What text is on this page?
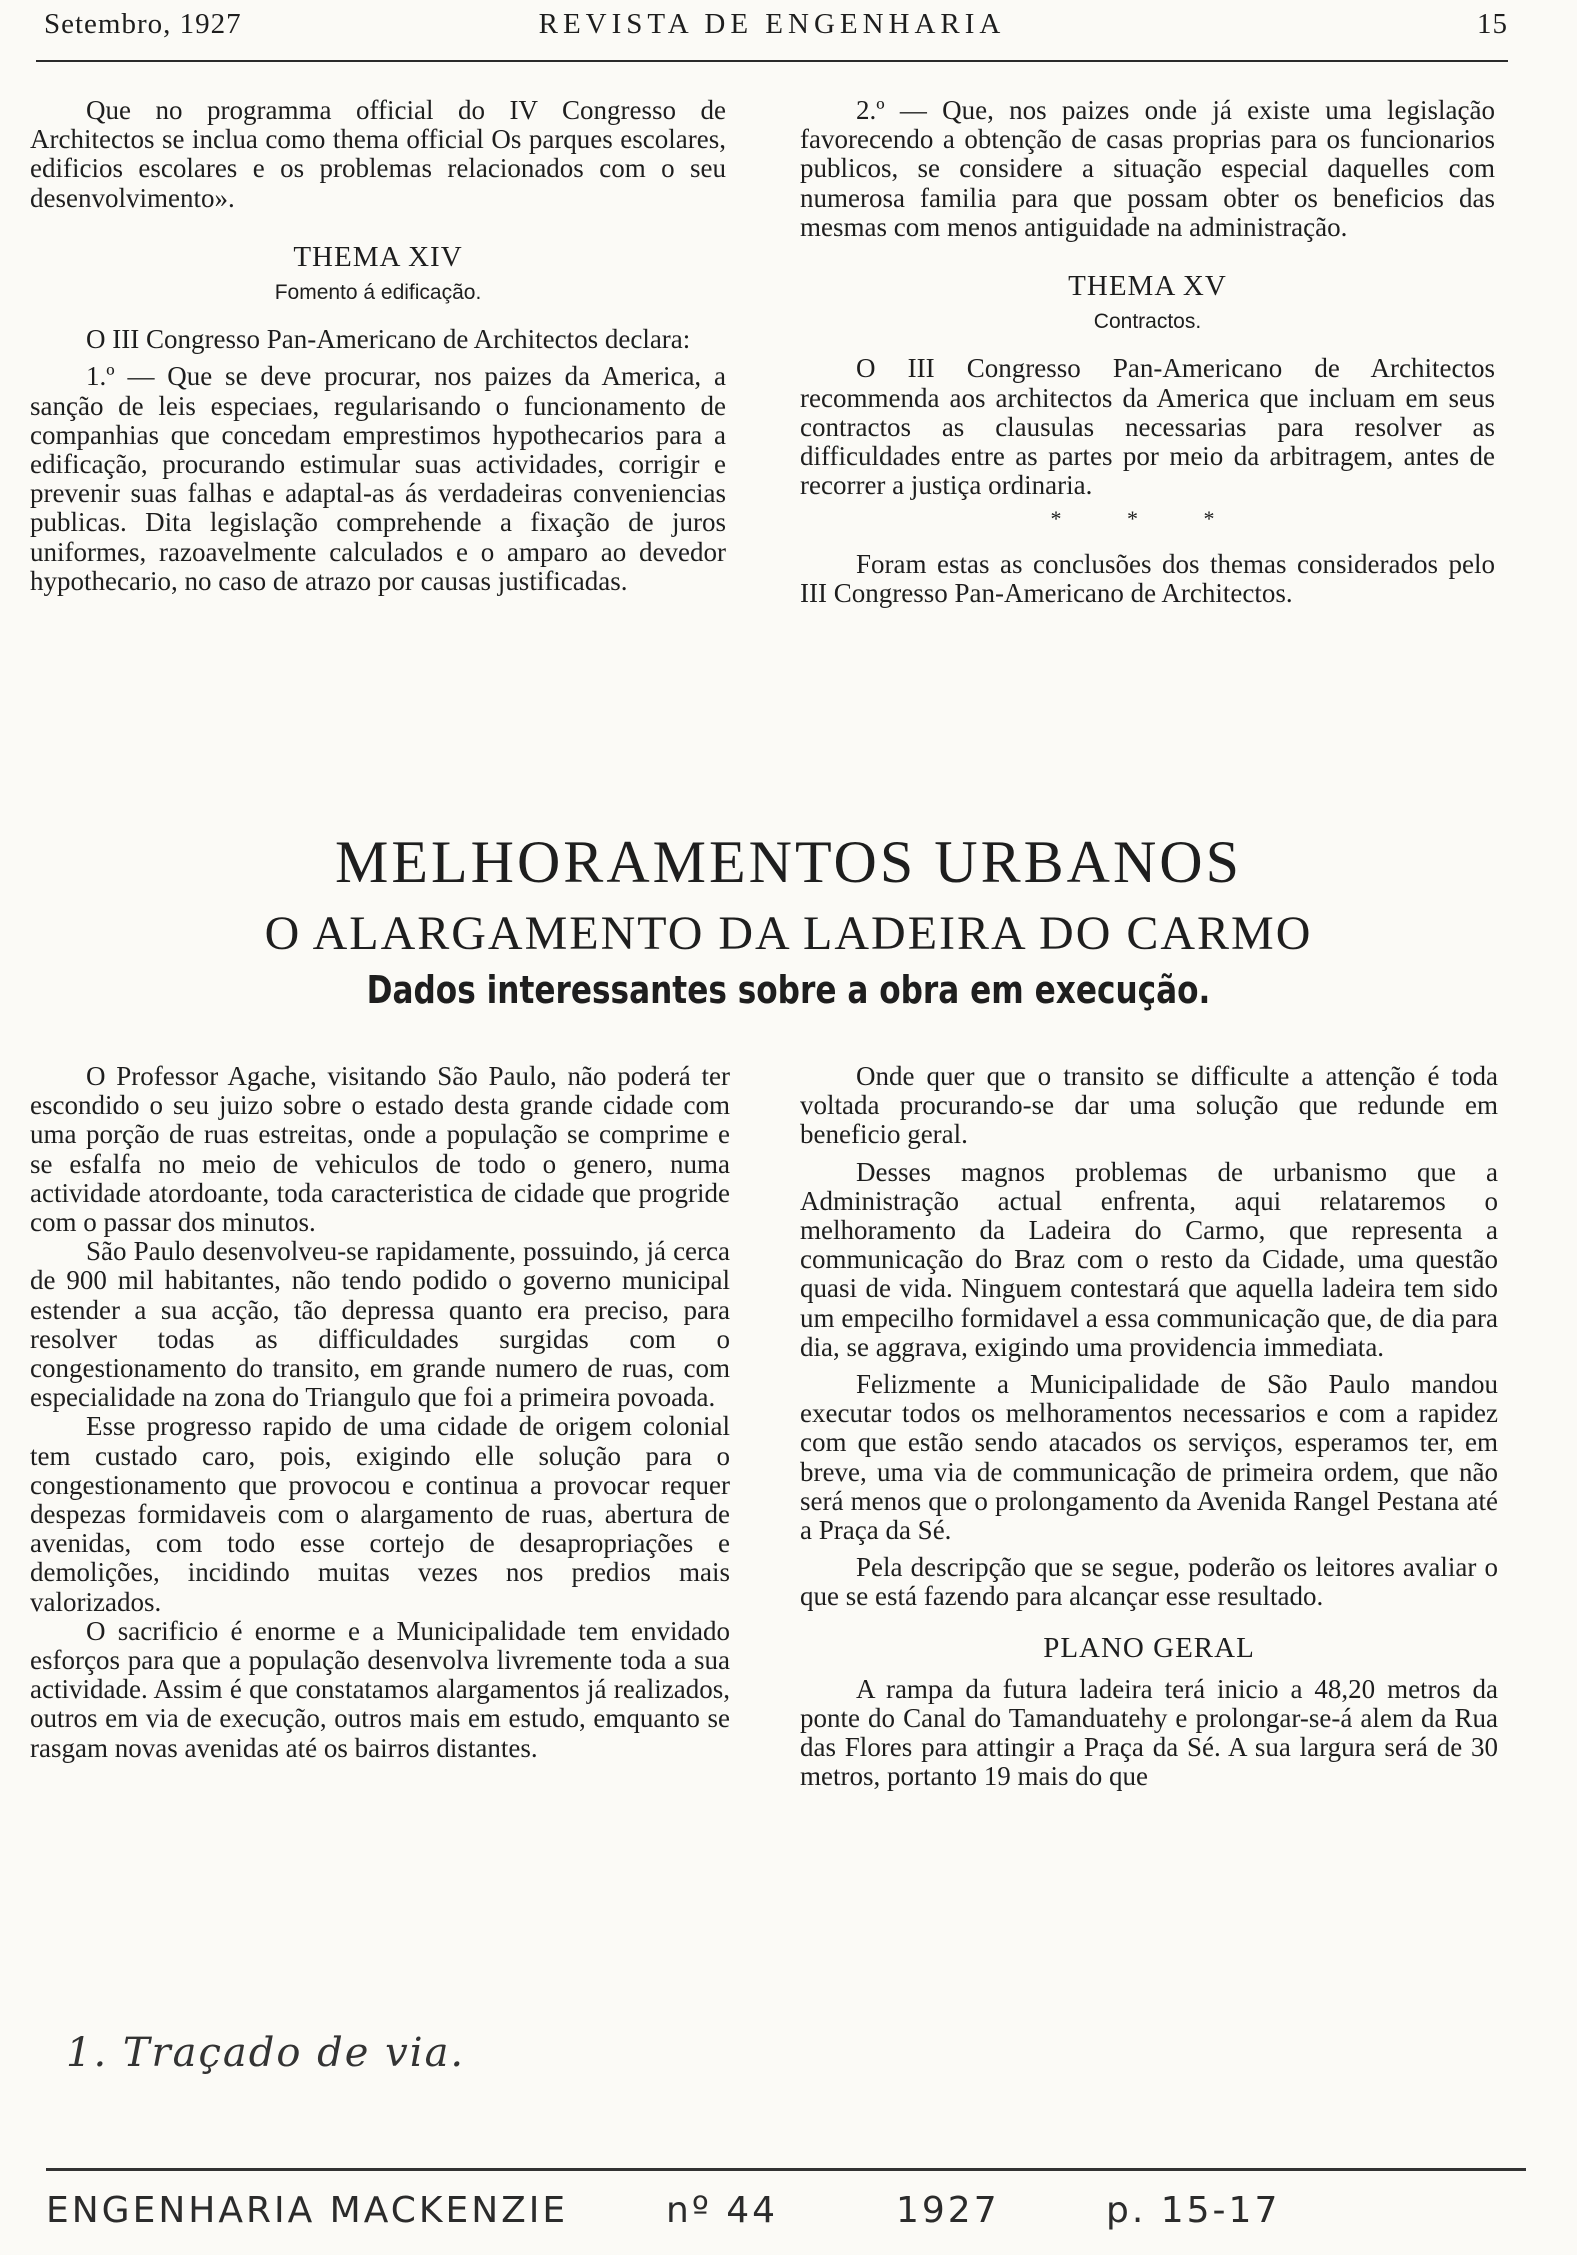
Setembro, 1927	REVISTA DE ENGENHARIA	15

Que no programma official do IV Congresso de Architectos se inclua como thema official Os parques escolares, edificios escolares e os problemas relacionados com o seu desenvolvimento».

THEMA XIV

Fomento á edificação.

O III Congresso Pan-Americano de Architectos declara:

1.º — Que se deve procurar, nos paizes da America, a sanção de leis especiaes, regularisando o funcionamento de companhias que concedam emprestimos hypothecarios para a edificação, procurando estimular suas actividades, corrigir e prevenir suas falhas e adaptal-as ás verdadeiras conveniencias publicas. Dita legislação comprehende a fixação de juros uniformes, razoavelmente calculados e o amparo ao devedor hypothecario, no caso de atrazo por causas justificadas.

2.º — Que, nos paizes onde já existe uma legislação favorecendo a obtenção de casas proprias para os funcionarios publicos, se considere a situação especial daquelles com numerosa familia para que possam obter os beneficios das mesmas com menos antiguidade na administração.

THEMA XV

Contractos.

O III Congresso Pan-Americano de Architectos recommenda aos architectos da America que incluam em seus contractos as clausulas necessarias para resolver as difficuldades entre as partes por meio da arbitragem, antes de recorrer a justiça ordinaria.

* * *

Foram estas as conclusões dos themas considerados pelo III Congresso Pan-Americano de Architectos.

MELHORAMENTOS URBANOS
O ALARGAMENTO DA LADEIRA DO CARMO
Dados interessantes sobre a obra em execução.

O Professor Agache, visitando São Paulo, não poderá ter escondido o seu juizo sobre o estado desta grande cidade com uma porção de ruas estreitas, onde a população se comprime e se esfalfa no meio de vehiculos de todo o genero, numa actividade atordoante, toda caracteristica de cidade que progride com o passar dos minutos.

São Paulo desenvolveu-se rapidamente, possuindo, já cerca de 900 mil habitantes, não tendo podido o governo municipal estender a sua acção, tão depressa quanto era preciso, para resolver todas as difficuldades surgidas com o congestionamento do transito, em grande numero de ruas, com especialidade na zona do Triangulo que foi a primeira povoada.

Esse progresso rapido de uma cidade de origem colonial tem custado caro, pois, exigindo elle solução para o congestionamento que provocou e continua a provocar requer despezas formidaveis com o alargamento de ruas, abertura de avenidas, com todo esse cortejo de desapropriações e demolições, incidindo muitas vezes nos predios mais valorizados.

O sacrificio é enorme e a Municipalidade tem envidado esforços para que a população desenvolva livremente toda a sua actividade. Assim é que constatamos alargamentos já realizados, outros em via de execução, outros mais em estudo, emquanto se rasgam novas avenidas até os bairros distantes.

Onde quer que o transito se difficulte a attenção é toda voltada procurando-se dar uma solução que redunde em beneficio geral.

Desses magnos problemas de urbanismo que a Administração actual enfrenta, aqui relataremos o melhoramento da Ladeira do Carmo, que representa a communicação do Braz com o resto da Cidade, uma questão quasi de vida. Ninguem contestará que aquella ladeira tem sido um empecilho formidavel a essa communicação que, de dia para dia, se aggrava, exigindo uma providencia immediata.

Felizmente a Municipalidade de São Paulo mandou executar todos os melhoramentos necessarios e com a rapidez com que estão sendo atacados os serviços, esperamos ter, em breve, uma via de communicação de primeira ordem, que não será menos que o prolongamento da Avenida Rangel Pestana até a Praça da Sé.

Pela descripção que se segue, poderão os leitores avaliar o que se está fazendo para alcançar esse resultado.

PLANO GERAL

A rampa da futura ladeira terá inicio a 48,20 metros da ponte do Canal do Tamanduatehy e prolongar-se-á alem da Rua das Flores para attingir a Praça da Sé. A sua largura será de 30 metros, portanto 19 mais do que

1. Traçado de via.
ENGENHARIA MACKENZIE	nº 44	1927	p. 15-17
